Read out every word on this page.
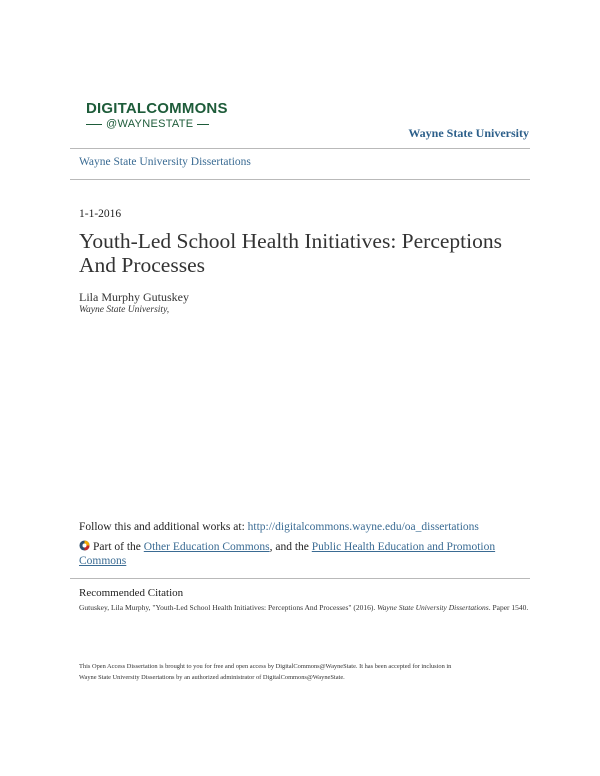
DIGITALCOMMONS
@WAYNESTATE
Wayne State University
Wayne State University Dissertations
1-1-2016
Youth-Led School Health Initiatives: Perceptions And Processes
Lila Murphy Gutuskey
Wayne State University,
Follow this and additional works at: http://digitalcommons.wayne.edu/oa_dissertations
Part of the Other Education Commons, and the Public Health Education and Promotion Commons
Recommended Citation
Gutuskey, Lila Murphy, "Youth-Led School Health Initiatives: Perceptions And Processes" (2016). Wayne State University Dissertations. Paper 1540.
This Open Access Dissertation is brought to you for free and open access by DigitalCommons@WayneState. It has been accepted for inclusion in
Wayne State University Dissertations by an authorized administrator of DigitalCommons@WayneState.
